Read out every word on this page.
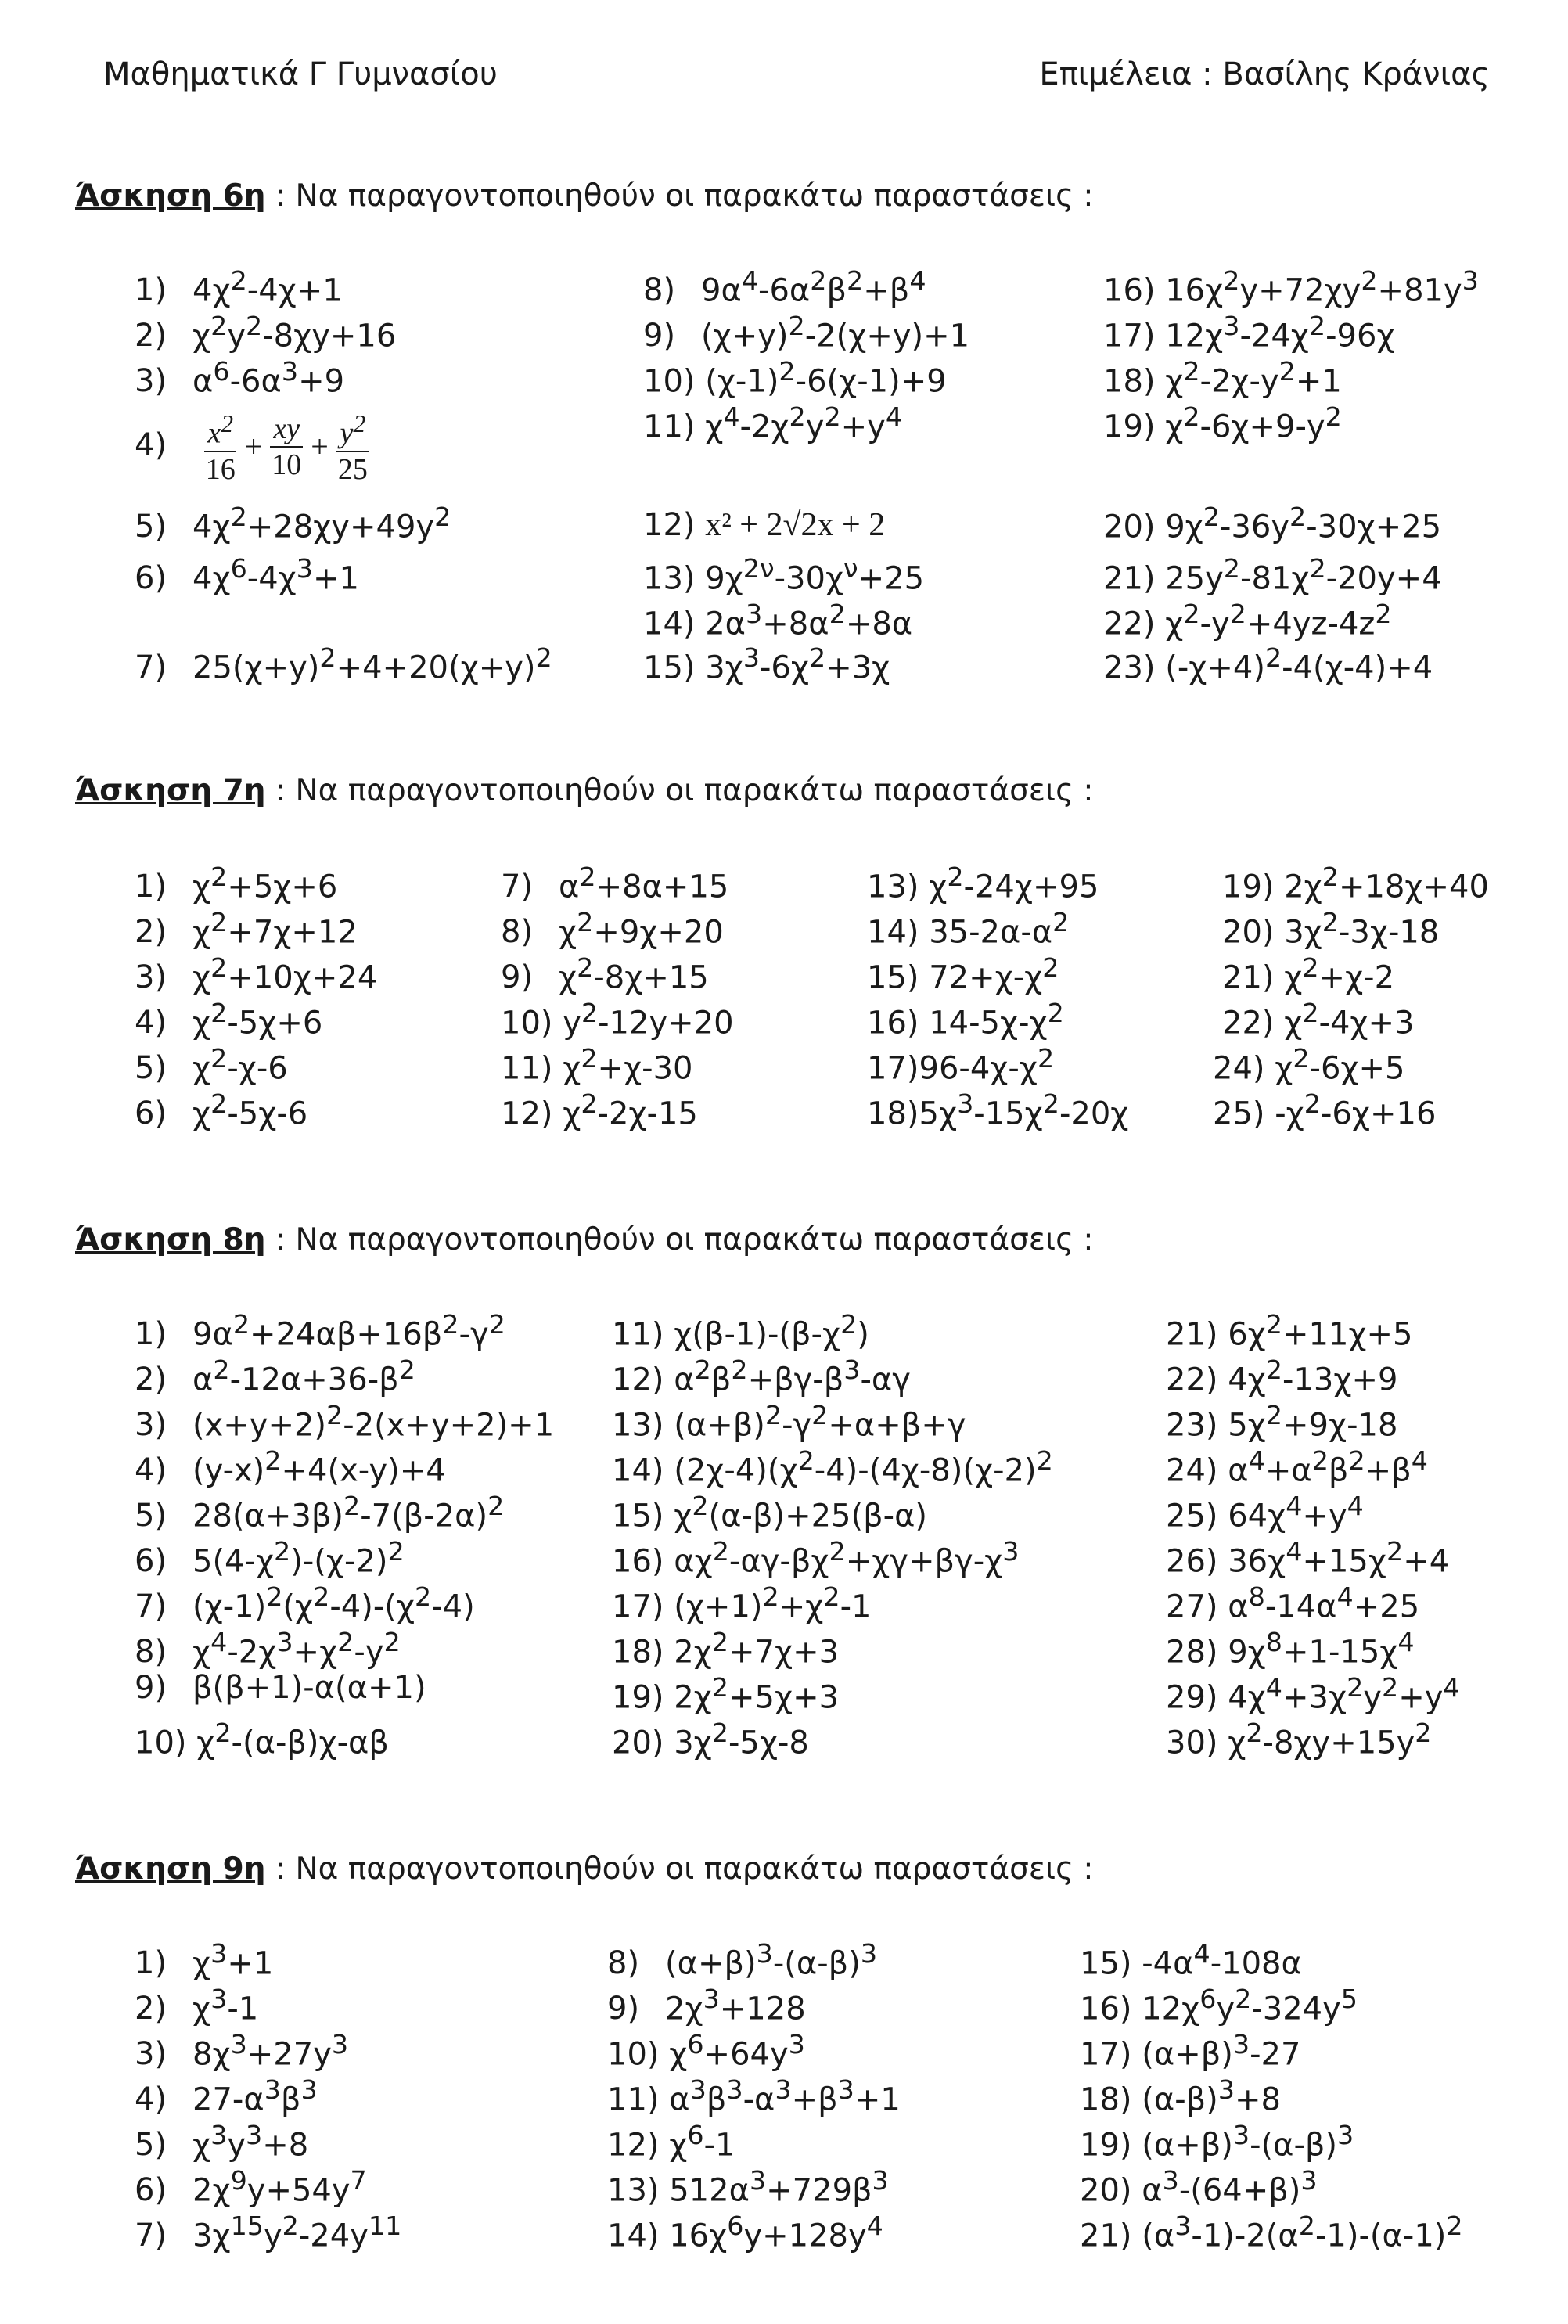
Μαθηματικά Γ Γυμνασίου	Επιμέλεια : Βασίλης Κράνιας
Άσκηση 6η : Να παραγοντοποιηθούν οι παρακάτω παραστάσεις :
Άσκηση 7η : Να παραγοντοποιηθούν οι παρακάτω παραστάσεις :
Άσκηση 8η : Να παραγοντοποιηθούν οι παρακάτω παραστάσεις :
Άσκηση 9η : Να παραγοντοποιηθούν οι παρακάτω παραστάσεις :
1) $4\chi^2-4\chi+1$
2) $\chi^2y^2-8\chi y+16$
3) $\alpha^6-6\alpha^3+9$
$4) \frac{x^2}{16} + \frac{xy}{10} + \frac{y^2}{25}$
5) $4\chi^2+28\chi y+49y^2$
6) $4\chi^6-4\chi^3+1$
7) $25(\chi+y)^2+4+20(\chi+y)^2$
8) $9\alpha^4-6\alpha^2\beta^2+\beta^4$
9) $(\chi+y)^2-2(\chi+y)+1$
10) $(\chi-1)^2-6(\chi-1)+9$
11) $\chi^4-2\chi^2y^2+y^4$
12) x² + 2√2x + 2
13) $9\chi^{2\nu}-30\chi^\nu+25$
14) $2\alpha^3+8\alpha^2+8\alpha$
15) $3\chi^3-6\chi^2+3\chi$
16) $16\chi^2y+72\chi y^2+81y^3$
17) $12\chi^3-24\chi^2-96\chi$
18) $\chi^2-2\chi-y^2+1$
19) $\chi^2-6\chi+9-y^2$
20) $9\chi^2-36y^2-30\chi+25$
21) $25y^2-81\chi^2-20y+4$
22) $\chi^2-y^2+4yz-4z^2$
23) $(-\chi+4)^2-4(\chi-4)+4$
1) $\chi^2+5\chi+6$
2) $\chi^2+7\chi+12$
3) $\chi^2+10\chi+24$
4) $\chi^2-5\chi+6$
5) $\chi^2-\chi-6$
6) $\chi^2-5\chi-6$
7) $\alpha^2+8\alpha+15$
8) $\chi^2+9\chi+20$
9) $\chi^2-8\chi+15$
10) $y^2-12y+20$
11) $\chi^2+\chi-30$
12) $\chi^2-2\chi-15$
13) $\chi^2-24\chi+95$
14) $35-2\alpha-\alpha^2$
15) $72+\chi-\chi^2$
16) $14-5\chi-\chi^2$
$17)96-4\chi-\chi^2$
$18)5\chi^3-15\chi^2-20\chi$
19) $2\chi^2+18\chi+40$
20) $3\chi^2-3\chi-18$
21) $\chi^2+\chi-2$
22) $\chi^2-4\chi+3$
24) $\chi^2-6\chi+5$
25) $-\chi^2-6\chi+16$
1) $9\alpha^2+24\alpha\beta+16\beta^2-\gamma^2$
2) $\alpha^2-12\alpha+36-\beta^2$
3) $(x+y+2)^2-2(x+y+2)+1$
4) $(y-x)^2+4(x-y)+4$
5) $28(\alpha+3\beta)^2-7(\beta-2\alpha)^2$
6) $5(4-\chi^2)-(\chi-2)^2$
7) $(\chi-1)^2(\chi^2-4)-(\chi^2-4)$
8) $\chi^4-2\chi^3+\chi^2-y^2$
9) β(β+1)-α(α+1)
10) $\chi^2-(\alpha-\beta)\chi-\alpha\beta$
11) $\chi(\beta-1)-(\beta-\chi^2)$
12) $\alpha^2\beta^2+\beta\gamma-\beta^3-\alpha\gamma$
13) $(\alpha+\beta)^2-\gamma^2+\alpha+\beta+\gamma$
14) $(2\chi-4)(\chi^2-4)-(4\chi-8)(\chi-2)^2$
15) $\chi^2(\alpha-\beta)+25(\beta-\alpha)$
16) $\alpha\chi^2-\alpha\gamma-\beta\chi^2+\chi\gamma+\beta\gamma-\chi^3$
17) $(\chi+1)^2+\chi^2-1$
18) $2\chi^2+7\chi+3$
19) $2\chi^2+5\chi+3$
20) $3\chi^2-5\chi-8$
21) $6\chi^2+11\chi+5$
22) $4\chi^2-13\chi+9$
23) $5\chi^2+9\chi-18$
24) $\alpha^4+\alpha^2\beta^2+\beta^4$
25) $64\chi^4+y^4$
26) $36\chi^4+15\chi^2+4$
27) $\alpha^8-14\alpha^4+25$
28) $9\chi^8+1-15\chi^4$
29) $4\chi^4+3\chi^2y^2+y^4$
30) $\chi^2-8\chi y+15y^2$
1) $\chi^3+1$
2) $\chi^3-1$
3) $8\chi^3+27y^3$
4) $27-\alpha^3\beta^3$
5) $\chi^3y^3+8$
6) $2\chi^9y+54y^7$
7) $3\chi^{15}y^2-24y^{11}$
8) $(\alpha+\beta)^3-(\alpha-\beta)^3$
9) $2\chi^3+128$
10) $\chi^6+64y^3$
11) $\alpha^3\beta^3-\alpha^3+\beta^3+1$
12) $\chi^6-1$
13) $512\alpha^3+729\beta^3$
14) $16\chi^6y+128y^4$
15) $-4\alpha^4-108\alpha$
16) $12\chi^6y^2-324y^5$
17) $(\alpha+\beta)^3-27$
18) $(\alpha-\beta)^3+8$
19) $(\alpha+\beta)^3-(\alpha-\beta)^3$
20) $\alpha^3-(64+\beta)^3$
21) $(\alpha^3-1)-2(\alpha^2-1)-(\alpha-1)^2$
